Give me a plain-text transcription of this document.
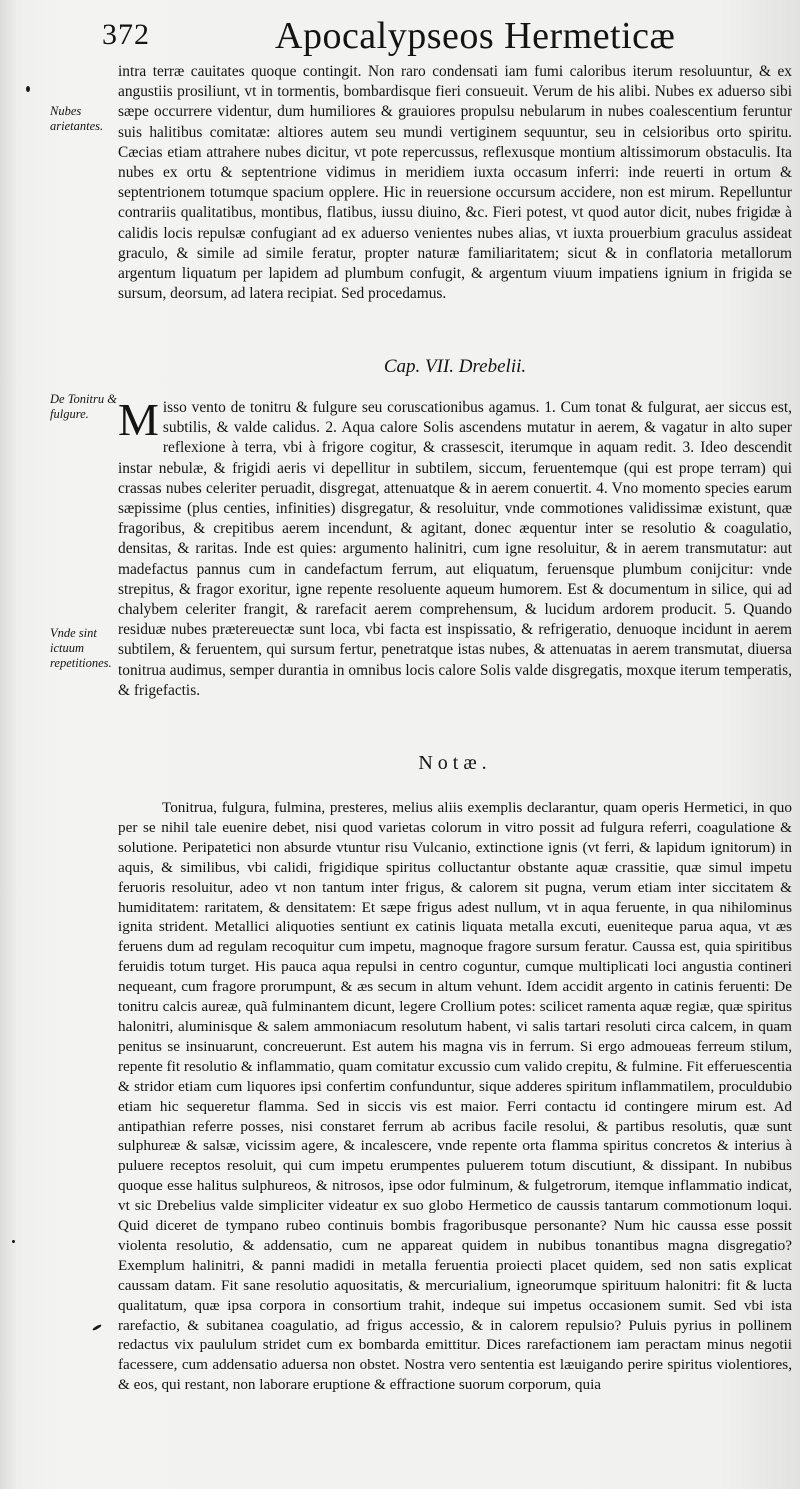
372	Apocalypseos Hermeticæ
Nubes arietantes.
De Tonitru & fulgure.
Vnde sint ictuum repetitiones.
intra terræ cauitates quoque contingit. Non raro condensati iam fumi caloribus iterum resoluuntur, & ex angustiis prosiliunt, vt in tormentis, bombardisque fieri consueuit. Verum de his alibi. Nubes ex aduerso sibi sæpe occurrere videntur, dum humiliores & grauiores propulsu nebularum in nubes coalescentium feruntur suis halitibus comitatæ: altiores autem seu mundi vertiginem sequuntur, seu in celsioribus orto spiritu. Cæcias etiam attrahere nubes dicitur, vt pote repercussus, reflexusque montium altissimorum obstaculis. Ita nubes ex ortu & septentrione vidimus in meridiem iuxta occasum inferri: inde reuerti in ortum & septentrionem totumque spacium opplere. Hic in reuersione occursum accidere, non est mirum. Repelluntur contrariis qualitatibus, montibus, flatibus, iussu diuino, &c. Fieri potest, vt quod autor dicit, nubes frigidæ à calidis locis repulsæ confugiant ad ex aduerso venientes nubes alias, vt iuxta prouerbium graculus assideat graculo, & simile ad simile feratur, propter naturæ familiaritatem; sicut & in conflatoria metallorum argentum liquatum per lapidem ad plumbum confugit, & argentum viuum impatiens ignium in frigida se sursum, deorsum, ad latera recipiat. Sed procedamus.
Cap. VII. Drebelii.
Misso vento de tonitru & fulgure seu coruscationibus agamus. 1. Cum tonat & fulgurat, aer siccus est, subtilis, & valde calidus. 2. Aqua calore Solis ascendens mutatur in aerem, & vagatur in alto super reflexione à terra, vbi à frigore cogitur, & crassescit, iterumque in aquam redit. 3. Ideo descendit instar nebulæ, & frigidi aeris vi depellitur in subtilem, siccum, feruentemque (qui est prope terram) qui crassas nubes celeriter peruadit, disgregat, attenuatque & in aerem conuertit. 4. Vno momento species earum sæpissime (plus centies, infinities) disgregatur, & resoluitur, vnde commotiones validissimæ existunt, quæ fragoribus, & crepitibus aerem incendunt, & agitant, donec æquentur inter se resolutio & coagulatio, densitas, & raritas. Inde est quies: argumento halinitri, cum igne resoluitur, & in aerem transmutatur: aut madefactus pannus cum in candefactum ferrum, aut eliquatum, feruensque plumbum conijcitur: vnde strepitus, & fragor exoritur, igne repente resoluente aqueum humorem. Est & documentum in silice, qui ad chalybem celeriter frangit, & rarefacit aerem comprehensum, & lucidum ardorem producit. 5. Quando residuæ nubes prætereuectæ sunt loca, vbi facta est inspissatio, & refrigeratio, denuoque incidunt in aerem subtilem, & feruentem, qui sursum fertur, penetratque istas nubes, & attenuatas in aerem transmutat, diuersa tonitrua audimus, semper durantia in omnibus locis calore Solis valde disgregatis, moxque iterum temperatis, & frigefactis.
Notæ.
Tonitrua, fulgura, fulmina, presteres, melius aliis exemplis declarantur, quam operis Hermetici, in quo per se nihil tale euenire debet, nisi quod varietas colorum in vitro possit ad fulgura referri, coagulatione & solutione. Peripatetici non absurde vtuntur risu Vulcanio, extinctione ignis (vt ferri, & lapidum ignitorum) in aquis, & similibus, vbi calidi, frigidique spiritus colluctantur obstante aquæ crassitie, quæ simul impetu feruoris resoluitur, adeo vt non tantum inter frigus, & calorem sit pugna, verum etiam inter siccitatem & humiditatem: raritatem, & densitatem: Et sæpe frigus adest nullum, vt in aqua feruente, in qua nihilominus ignita strident. Metallici aliquoties sentiunt ex catinis liquata metalla excuti, eueniteque parua aqua, vt æs feruens dum ad regulam recoquitur cum impetu, magnoque fragore sursum feratur. Caussa est, quia spiritibus feruidis totum turget. His pauca aqua repulsi in centro coguntur, cumque multiplicati loci angustia contineri nequeant, cum fragore prorumpunt, & æs secum in altum vehunt. Idem accidit argento in catinis feruenti: De tonitru calcis aureæ, quã fulminantem dicunt, legere Crollium potes: scilicet ramenta aquæ regiæ, quæ spiritus halonitri, aluminisque & salem ammoniacum resolutum habent, vi salis tartari resoluti circa calcem, in quam penitus se insinuarunt, concreuerunt. Est autem his magna vis in ferrum. Si ergo admoueas ferreum stilum, repente fit resolutio & inflammatio, quam comitatur excussio cum valido crepitu, & fulmine. Fit efferuescentia & stridor etiam cum liquores ipsi confertim confunduntur, sique adderes spiritum inflammatilem, proculdubio etiam hic sequeretur flamma. Sed in siccis vis est maior. Ferri contactu id contingere mirum est. Ad antipathian referre posses, nisi constaret ferrum ab acribus facile resolui, & partibus resolutis, quæ sunt sulphureæ & salsæ, vicissim agere, & incalescere, vnde repente orta flamma spiritus concretos & interius à puluere receptos resoluit, qui cum impetu erumpentes puluerem totum discutiunt, & dissipant. In nubibus quoque esse halitus sulphureos, & nitrosos, ipse odor fulminum, & fulgetrorum, itemque inflammatio indicat, vt sic Drebelius valde simpliciter videatur ex suo globo Hermetico de caussis tantarum commotionum loqui. Quid diceret de tympano rubeo continuis bombis fragoribusque personante? Num hic caussa esse possit violenta resolutio, & addensatio, cum ne appareat quidem in nubibus tonantibus magna disgregatio? Exemplum halinitri, & panni madidi in metalla feruentia proiecti placet quidem, sed non satis explicat caussam datam. Fit sane resolutio aquositatis, & mercurialium, igneorumque spirituum halonitri: fit & lucta qualitatum, quæ ipsa corpora in consortium trahit, indeque sui impetus occasionem sumit. Sed vbi ista rarefactio, & subitanea coagulatio, ad frigus accessio, & in calorem repulsio? Puluis pyrius in pollinem redactus vix paululum stridet cum ex bombarda emittitur. Dices rarefactionem iam peractam minus negotii facessere, cum addensatio aduersa non obstet. Nostra vero sententia est læuigando perire spiritus violentiores, & eos, qui restant, non laborare eruptione & effractione suorum corporum, quia
